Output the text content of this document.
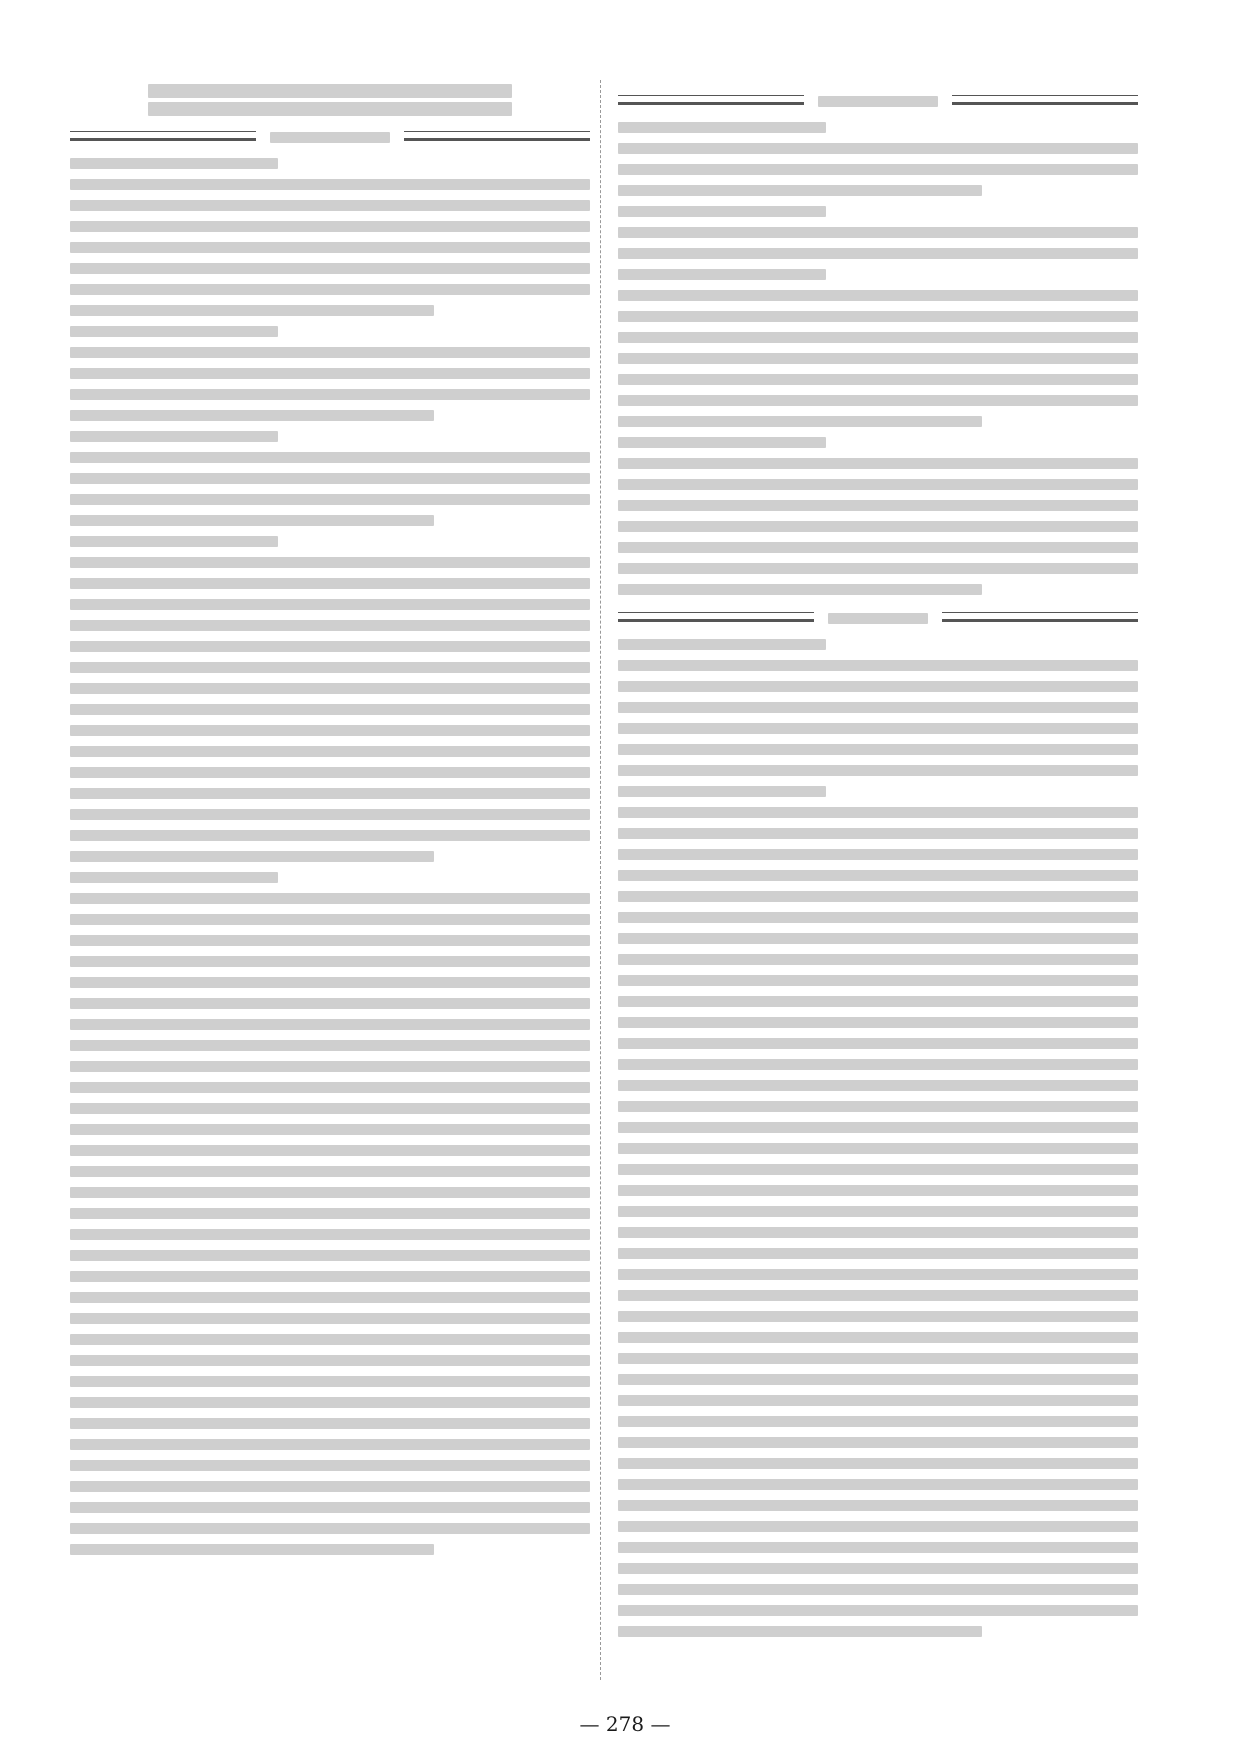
— 278 —
